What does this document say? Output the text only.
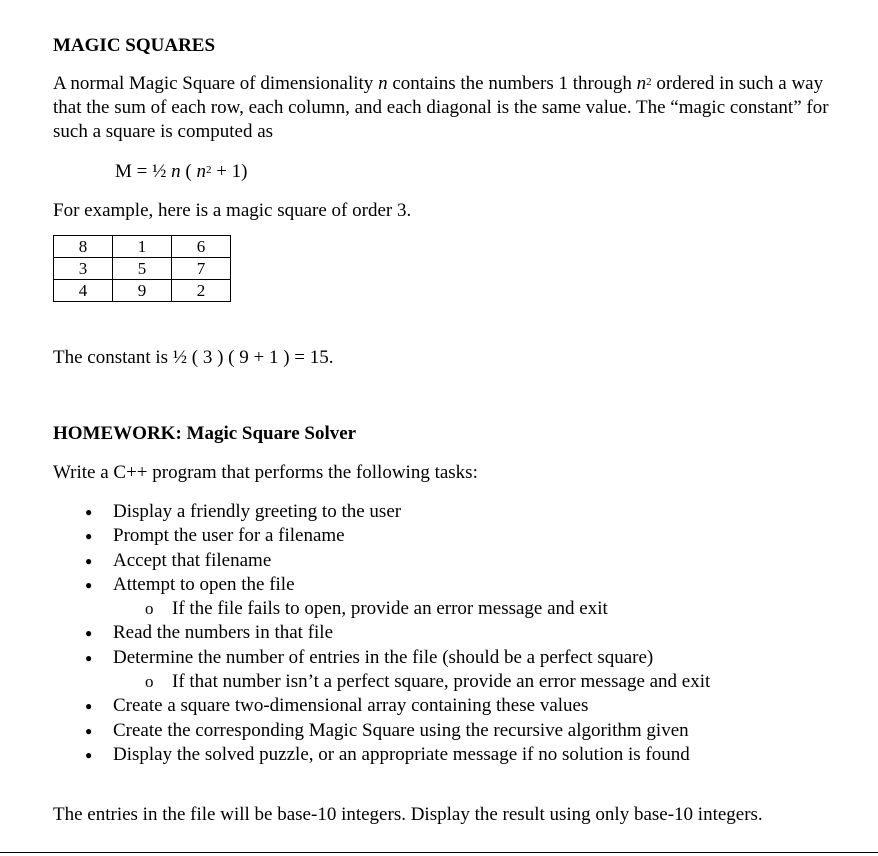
MAGIC SQUARES
A normal Magic Square of dimensionality n contains the numbers 1 through $n^2$ ordered in such a way that the sum of each row, each column, and each diagonal is the same value. The “magic constant” for such a square is computed as
M = ½ n ( $n^2 + 1$)
For example, here is a magic square of order 3.
8	1	6
3	5	7
4	9	2
The constant is ½ ( 3 ) ( 9 + 1 ) = 15.
HOMEWORK: Magic Square Solver
Write a C++ program that performs the following tasks:
● Display a friendly greeting to the user
● Prompt the user for a filename
● Accept that filename
● Attempt to open the file
o If the file fails to open, provide an error message and exit
● Read the numbers in that file
● Determine the number of entries in the file (should be a perfect square)
o If that number isn’t a perfect square, provide an error message and exit
● Create a square two-dimensional array containing these values
● Create the corresponding Magic Square using the recursive algorithm given
● Display the solved puzzle, or an appropriate message if no solution is found
The entries in the file will be base-10 integers. Display the result using only base-10 integers.
